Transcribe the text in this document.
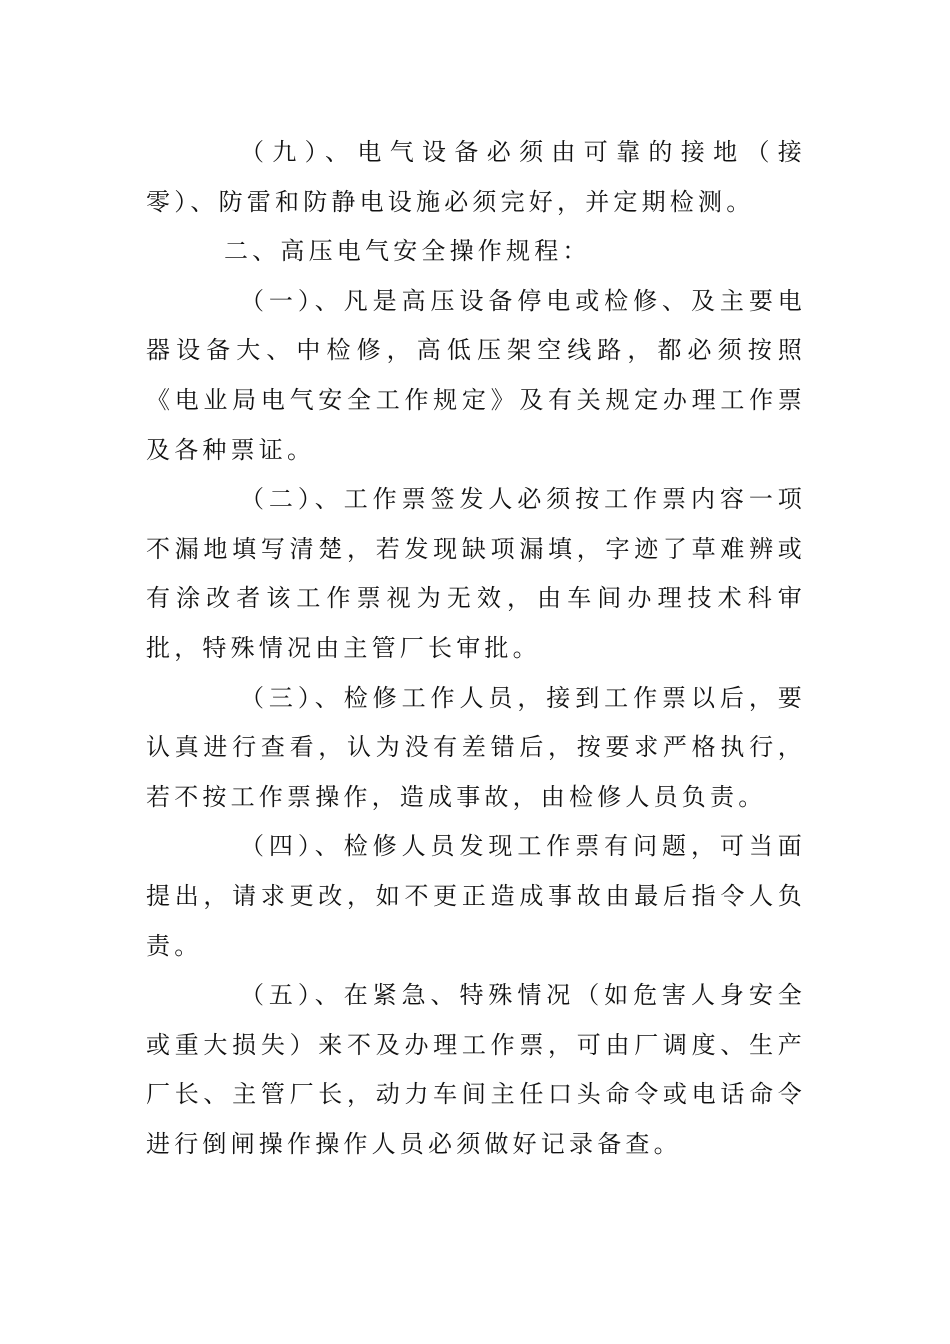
（九）、电气设备必须由可靠的接地（接零）、防雷和防静电设施必须完好，并定期检测。

二、高压电气安全操作规程：

（一）、凡是高压设备停电或检修、及主要电器设备大、中检修，高低压架空线路，都必须按照《电业局电气安全工作规定》及有关规定办理工作票及各种票证。

（二）、工作票签发人必须按工作票内容一项不漏地填写清楚，若发现缺项漏填，字迹了草难辨或有涂改者该工作票视为无效，由车间办理技术科审批，特殊情况由主管厂长审批。

（三）、检修工作人员，接到工作票以后，要认真进行查看，认为没有差错后，按要求严格执行，若不按工作票操作，造成事故，由检修人员负责。

（四）、检修人员发现工作票有问题，可当面提出，请求更改，如不更正造成事故由最后指令人负责。

（五）、在紧急、特殊情况（如危害人身安全或重大损失）来不及办理工作票，可由厂调度、生产厂长、主管厂长，动力车间主任口头命令或电话命令进行倒闸操作操作人员必须做好记录备查。
